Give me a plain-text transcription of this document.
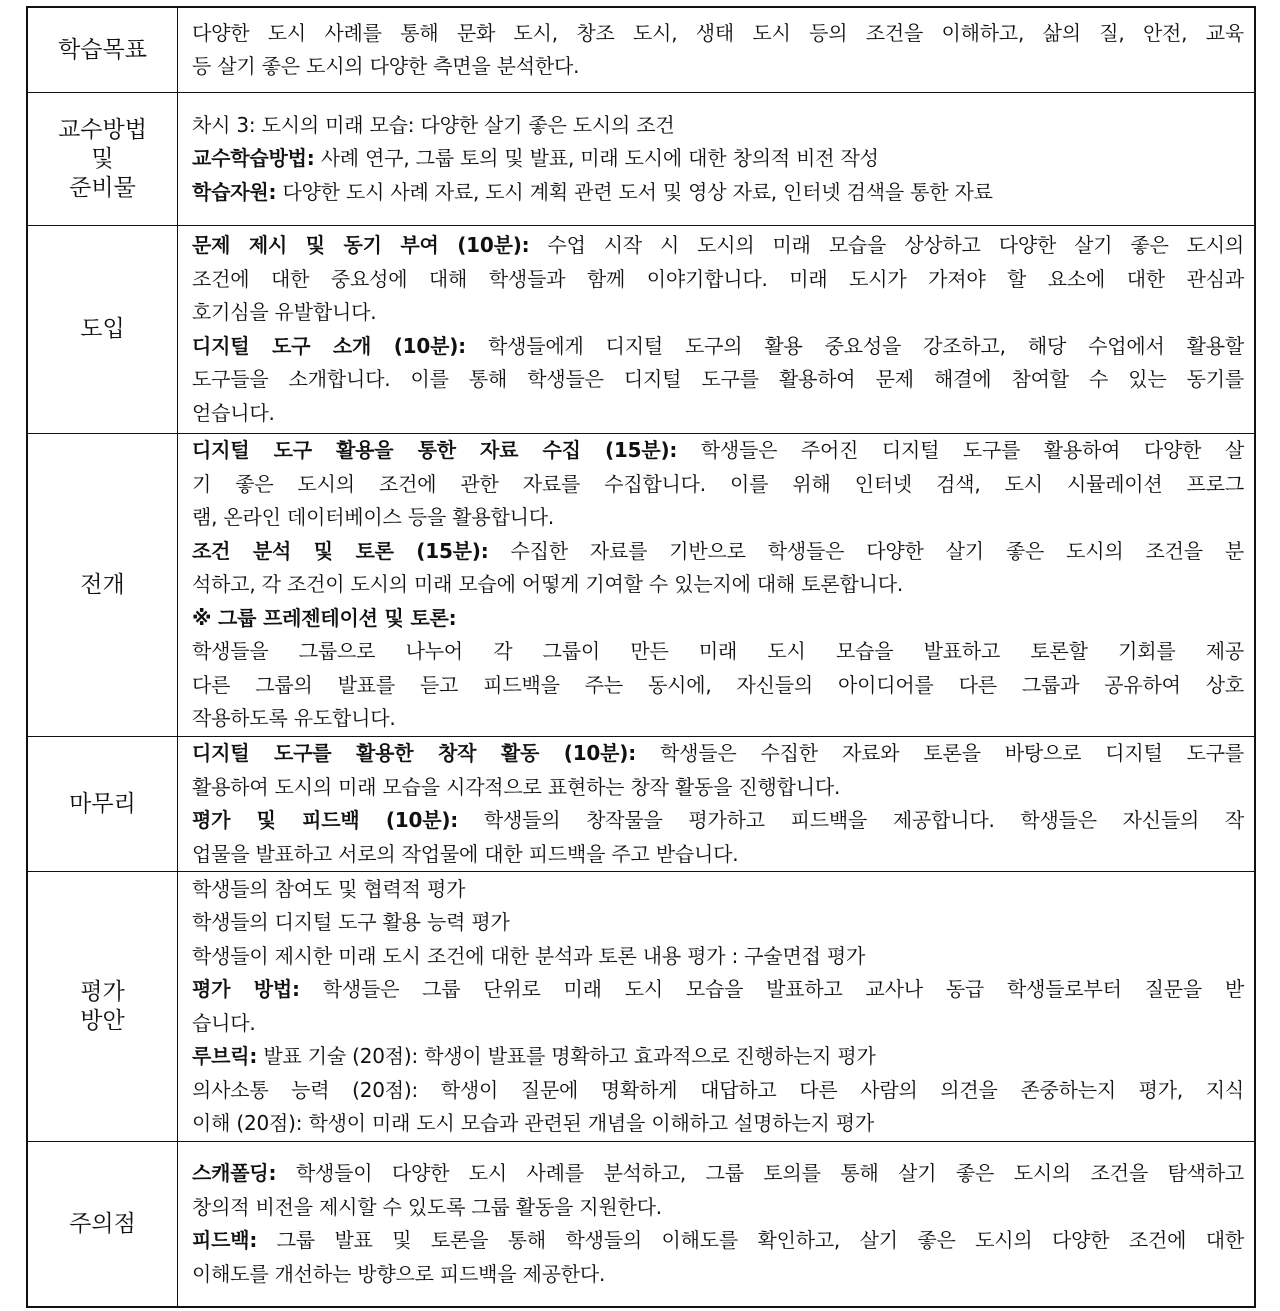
학습목표
다양한 도시 사례를 통해 문화 도시, 창조 도시, 생태 도시 등의 조건을 이해하고, 삶의 질, 안전, 교육
등 살기 좋은 도시의 다양한 측면을 분석한다.
교수방법
및
준비물
차시 3: 도시의 미래 모습: 다양한 살기 좋은 도시의 조건
교수학습방법: 사례 연구, 그룹 토의 및 발표, 미래 도시에 대한 창의적 비전 작성
학습자원: 다양한 도시 사례 자료, 도시 계획 관련 도서 및 영상 자료, 인터넷 검색을 통한 자료
도입
문제 제시 및 동기 부여 (10분): 수업 시작 시 도시의 미래 모습을 상상하고 다양한 살기 좋은 도시의
조건에 대한 중요성에 대해 학생들과 함께 이야기합니다. 미래 도시가 가져야 할 요소에 대한 관심과
호기심을 유발합니다.
디지털 도구 소개 (10분): 학생들에게 디지털 도구의 활용 중요성을 강조하고, 해당 수업에서 활용할
도구들을 소개합니다. 이를 통해 학생들은 디지털 도구를 활용하여 문제 해결에 참여할 수 있는 동기를
얻습니다.
전개
디지털 도구 활용을 통한 자료 수집 (15분): 학생들은 주어진 디지털 도구를 활용하여 다양한 살
기 좋은 도시의 조건에 관한 자료를 수집합니다. 이를 위해 인터넷 검색, 도시 시뮬레이션 프로그
램, 온라인 데이터베이스 등을 활용합니다.
조건 분석 및 토론 (15분): 수집한 자료를 기반으로 학생들은 다양한 살기 좋은 도시의 조건을 분
석하고, 각 조건이 도시의 미래 모습에 어떻게 기여할 수 있는지에 대해 토론합니다.
※ 그룹 프레젠테이션 및 토론:
학생들을 그룹으로 나누어 각 그룹이 만든 미래 도시 모습을 발표하고 토론할 기회를 제공
다른 그룹의 발표를 듣고 피드백을 주는 동시에, 자신들의 아이디어를 다른 그룹과 공유하여 상호
작용하도록 유도합니다.
마무리
디지털 도구를 활용한 창작 활동 (10분): 학생들은 수집한 자료와 토론을 바탕으로 디지털 도구를
활용하여 도시의 미래 모습을 시각적으로 표현하는 창작 활동을 진행합니다.
평가 및 피드백 (10분): 학생들의 창작물을 평가하고 피드백을 제공합니다. 학생들은 자신들의 작
업물을 발표하고 서로의 작업물에 대한 피드백을 주고 받습니다.
평가
방안
학생들의 참여도 및 협력적 평가
학생들의 디지털 도구 활용 능력 평가
학생들이 제시한 미래 도시 조건에 대한 분석과 토론 내용 평가 : 구술면접 평가
평가 방법: 학생들은 그룹 단위로 미래 도시 모습을 발표하고 교사나 동급 학생들로부터 질문을 받
습니다.
루브릭: 발표 기술 (20점): 학생이 발표를 명확하고 효과적으로 진행하는지 평가
의사소통 능력 (20점): 학생이 질문에 명확하게 대답하고 다른 사람의 의견을 존중하는지 평가, 지식
이해 (20점): 학생이 미래 도시 모습과 관련된 개념을 이해하고 설명하는지 평가
주의점
스캐폴딩: 학생들이 다양한 도시 사례를 분석하고, 그룹 토의를 통해 살기 좋은 도시의 조건을 탐색하고
창의적 비전을 제시할 수 있도록 그룹 활동을 지원한다.
피드백: 그룹 발표 및 토론을 통해 학생들의 이해도를 확인하고, 살기 좋은 도시의 다양한 조건에 대한
이해도를 개선하는 방향으로 피드백을 제공한다.
